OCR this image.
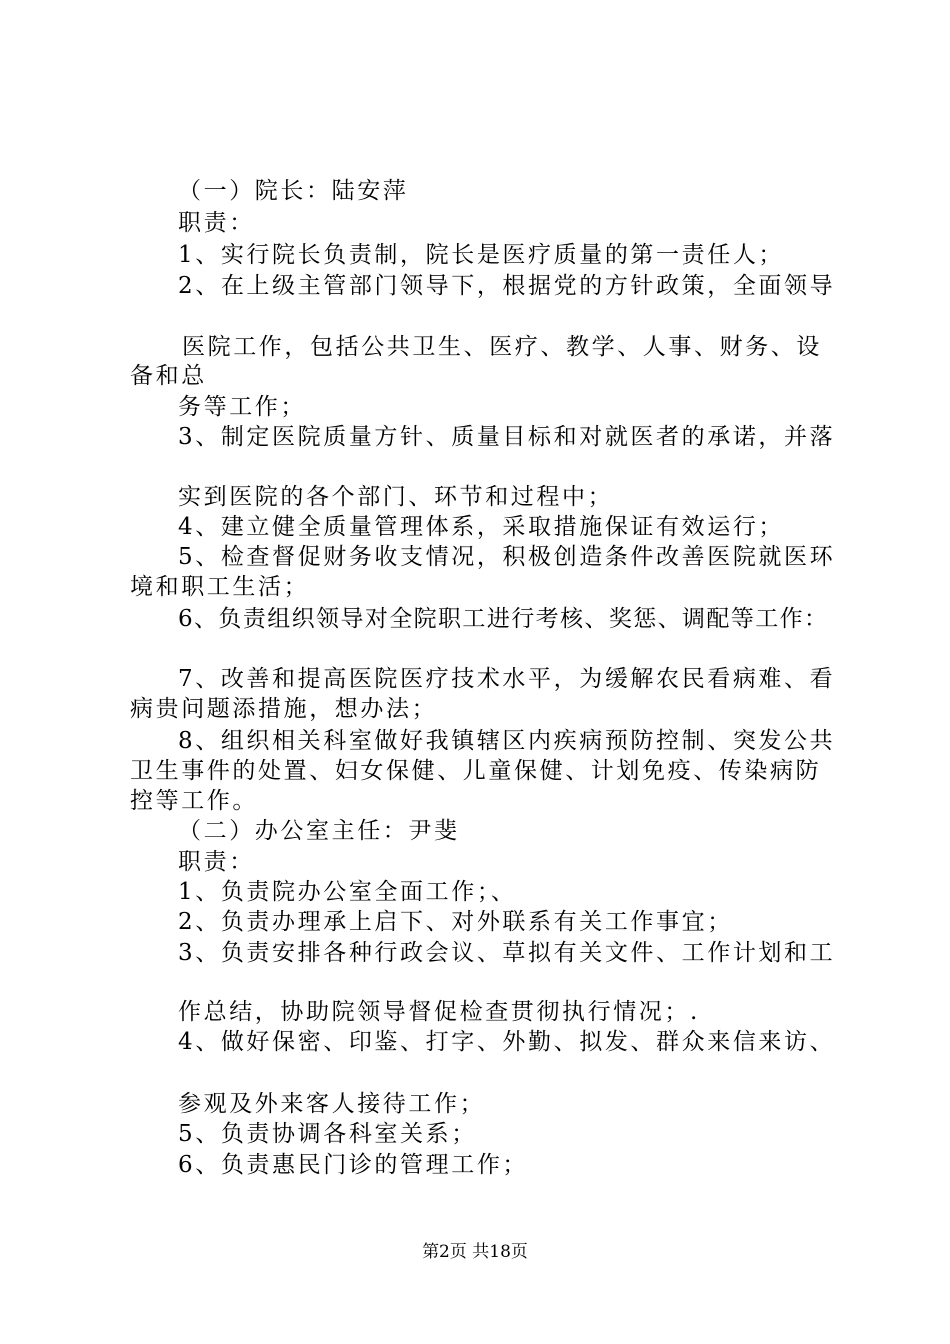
（一）院长：陆安萍
职责：
1、实行院长负责制，院长是医疗质量的第一责任人；
2、在上级主管部门领导下，根据党的方针政策，全面领导
医院工作，包括公共卫生、医疗、教学、人事、财务、设
备和总
务等工作；
3、制定医院质量方针、质量目标和对就医者的承诺，并落
实到医院的各个部门、环节和过程中；
4、建立健全质量管理体系，采取措施保证有效运行；
5、检查督促财务收支情况，积极创造条件改善医院就医环
境和职工生活；
6、负责组织领导对全院职工进行考核、奖惩、调配等工作：
7、改善和提高医院医疗技术水平，为缓解农民看病难、看
病贵问题添措施，想办法；
8、组织相关科室做好我镇辖区内疾病预防控制、突发公共
卫生事件的处置、妇女保健、儿童保健、计划免疫、传染病防
控等工作。
（二）办公室主任：尹斐
职责：
1、负责院办公室全面工作；、
2、负责办理承上启下、对外联系有关工作事宜；
3、负责安排各种行政会议、草拟有关文件、工作计划和工
作总结，协助院领导督促检查贯彻执行情况；.
4、做好保密、印鉴、打字、外勤、拟发、群众来信来访、
参观及外来客人接待工作；
5、负责协调各科室关系；
6、负责惠民门诊的管理工作；
第2页 共18页
